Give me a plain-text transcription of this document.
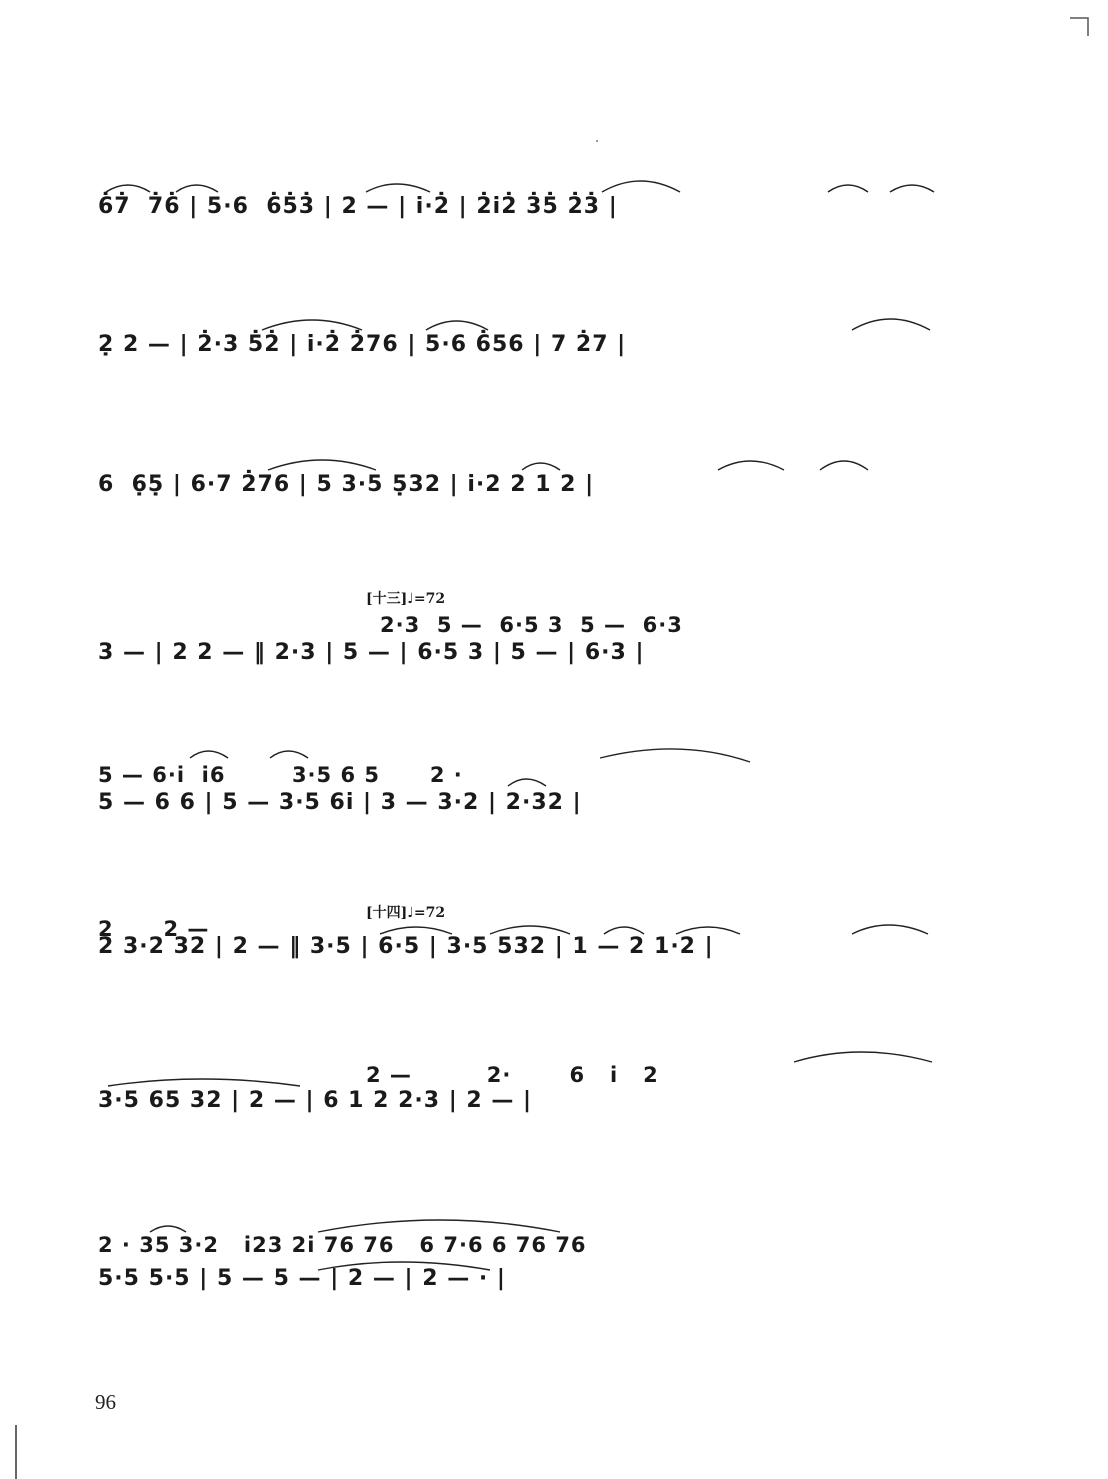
6̇7̇  7̇6̇ | 5·6  6̇5̇3̇ | 2 — | i·2̇ | 2̇i2̇ 3̇5̇ 2̇3̇ |
2̣ 2 — | 2̇·3 5̇2̇ | i·2̇ 2̇76 | 5·6 6̇56 | 7 2̇7 |
6  6̣5̣ | 6·7 2̇76 | 5 3·5 5̣32 | i·2 2 1 2 |
[十三]♩=72
2·3  5 —  6·5 3  5 —  6·3
3 — | 2 2 — ‖ 2·3 | 5 — | 6·5 3 | 5 — | 6·3 |
5 — 6·i  i6        3·5 6 5      2 ·
5 — 6 6 | 5 — 3·5 6i | 3 — 3·2 | 2·32 |
[十四]♩=72
2      2 —
2 3·2 32 | 2 — ‖ 3·5 | 6·5 | 3·5 532 | 1 — 2 1·2 |
2 —         2·       6   i   2
3·5 65 32 | 2 — | 6 1 2 2·3 | 2 — |
2 · 35 3·2   i23 2i 76 76   6 7·6 6 76 76
5·5 5·5 | 5 — 5 — | 2 — | 2 — · |
96
